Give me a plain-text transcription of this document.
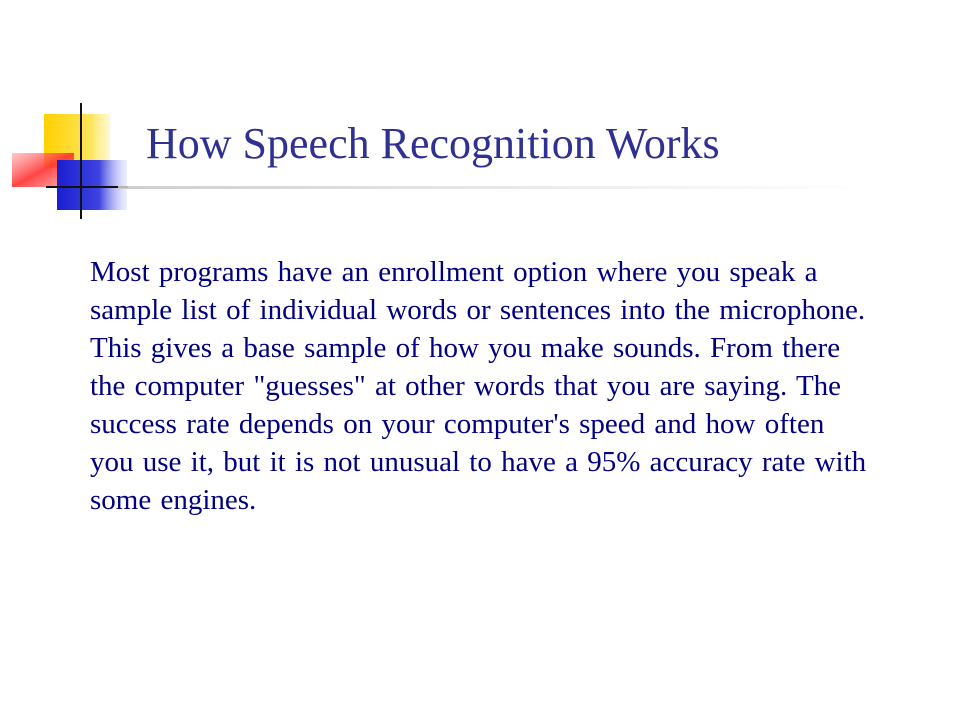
How Speech Recognition Works
Most programs have an enrollment option where you speak a sample list of individual words or sentences into the microphone. This gives a base sample of how you make sounds. From there the computer "guesses" at other words that you are saying. The success rate depends on your computer's speed and how often you use it, but it is not unusual to have a 95% accuracy rate with some engines.
